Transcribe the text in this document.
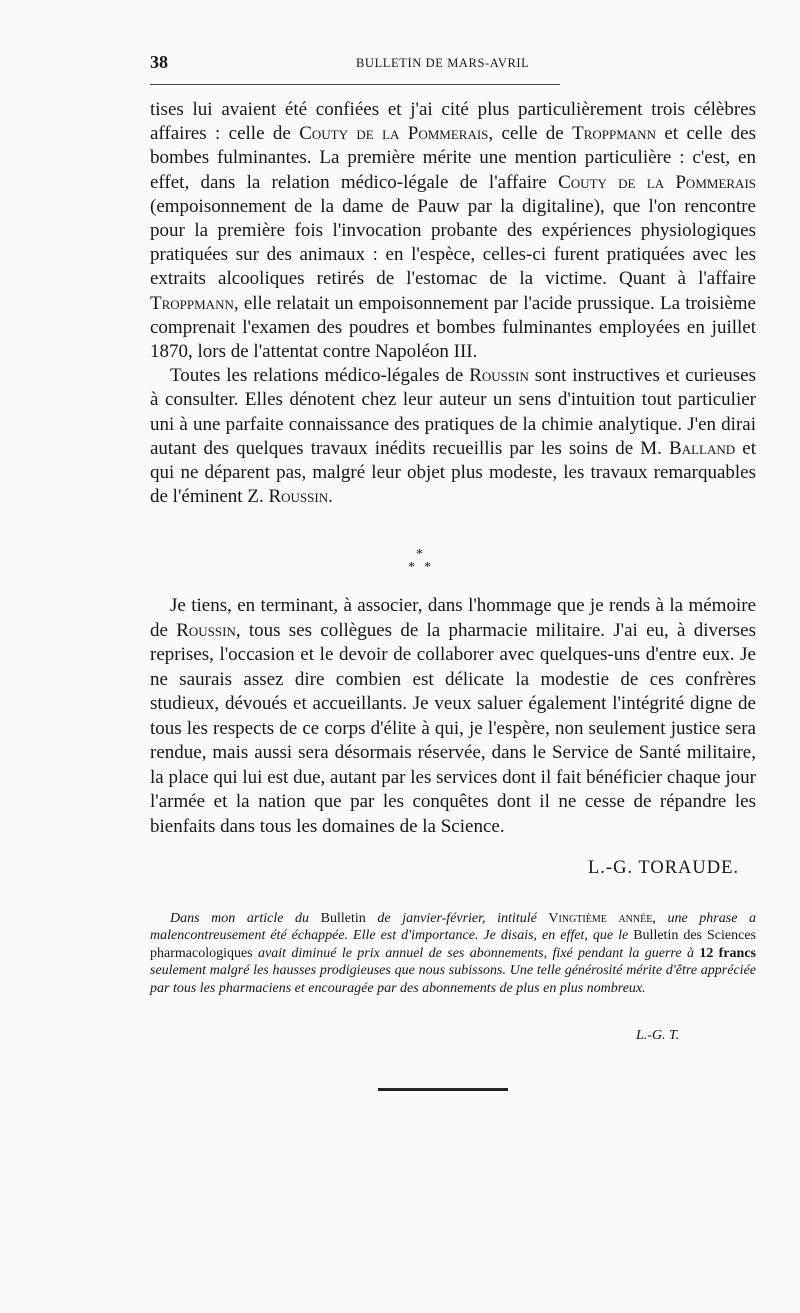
38	BULLETIN DE MARS-AVRIL

tises lui avaient été confiées et j'ai cité plus particulièrement trois célèbres affaires : celle de Couty de la Pommerais, celle de Troppmann et celle des bombes fulminantes. La première mérite une mention particulière : c'est, en effet, dans la relation médico-légale de l'affaire Couty de la Pommerais (empoisonnement de la dame de Pauw par la digitaline), que l'on rencontre pour la première fois l'invocation probante des expériences physiologiques pratiquées sur des animaux : en l'espèce, celles-ci furent pratiquées avec les extraits alcooliques retirés de l'estomac de la victime. Quant à l'affaire Troppmann, elle relatait un empoisonnement par l'acide prussique. La troisième comprenait l'examen des poudres et bombes fulminantes employées en juillet 1870, lors de l'attentat contre Napoléon III.

Toutes les relations médico-légales de Roussin sont instructives et curieuses à consulter. Elles dénotent chez leur auteur un sens d'intuition tout particulier uni à une parfaite connaissance des pratiques de la chimie analytique. J'en dirai autant des quelques travaux inédits recueillis par les soins de M. Balland et qui ne déparent pas, malgré leur objet plus modeste, les travaux remarquables de l'éminent Z. Roussin.

*
* *

Je tiens, en terminant, à associer, dans l'hommage que je rends à la mémoire de Roussin, tous ses collègues de la pharmacie militaire. J'ai eu, à diverses reprises, l'occasion et le devoir de collaborer avec quelques-uns d'entre eux. Je ne saurais assez dire combien est délicate la modestie de ces confrères studieux, dévoués et accueillants. Je veux saluer également l'intégrité digne de tous les respects de ce corps d'élite à qui, je l'espère, non seulement justice sera rendue, mais aussi sera désormais réservée, dans le Service de Santé militaire, la place qui lui est due, autant par les services dont il fait bénéficier chaque jour l'armée et la nation que par les conquêtes dont il ne cesse de répandre les bienfaits dans tous les domaines de la Science.

L.-G. TORAUDE.

Dans mon article du Bulletin de janvier-février, intitulé Vingtième année, une phrase a malencontreusement été échappée. Elle est d'importance. Je disais, en effet, que le Bulletin des Sciences pharmacologiques avait diminué le prix annuel de ses abonnements, fixé pendant la guerre à 12 francs seulement malgré les hausses prodigieuses que nous subissons. Une telle générosité mérite d'être appréciée par tous les pharmaciens et encouragée par des abonnements de plus en plus nombreux.

L.-G. T.
